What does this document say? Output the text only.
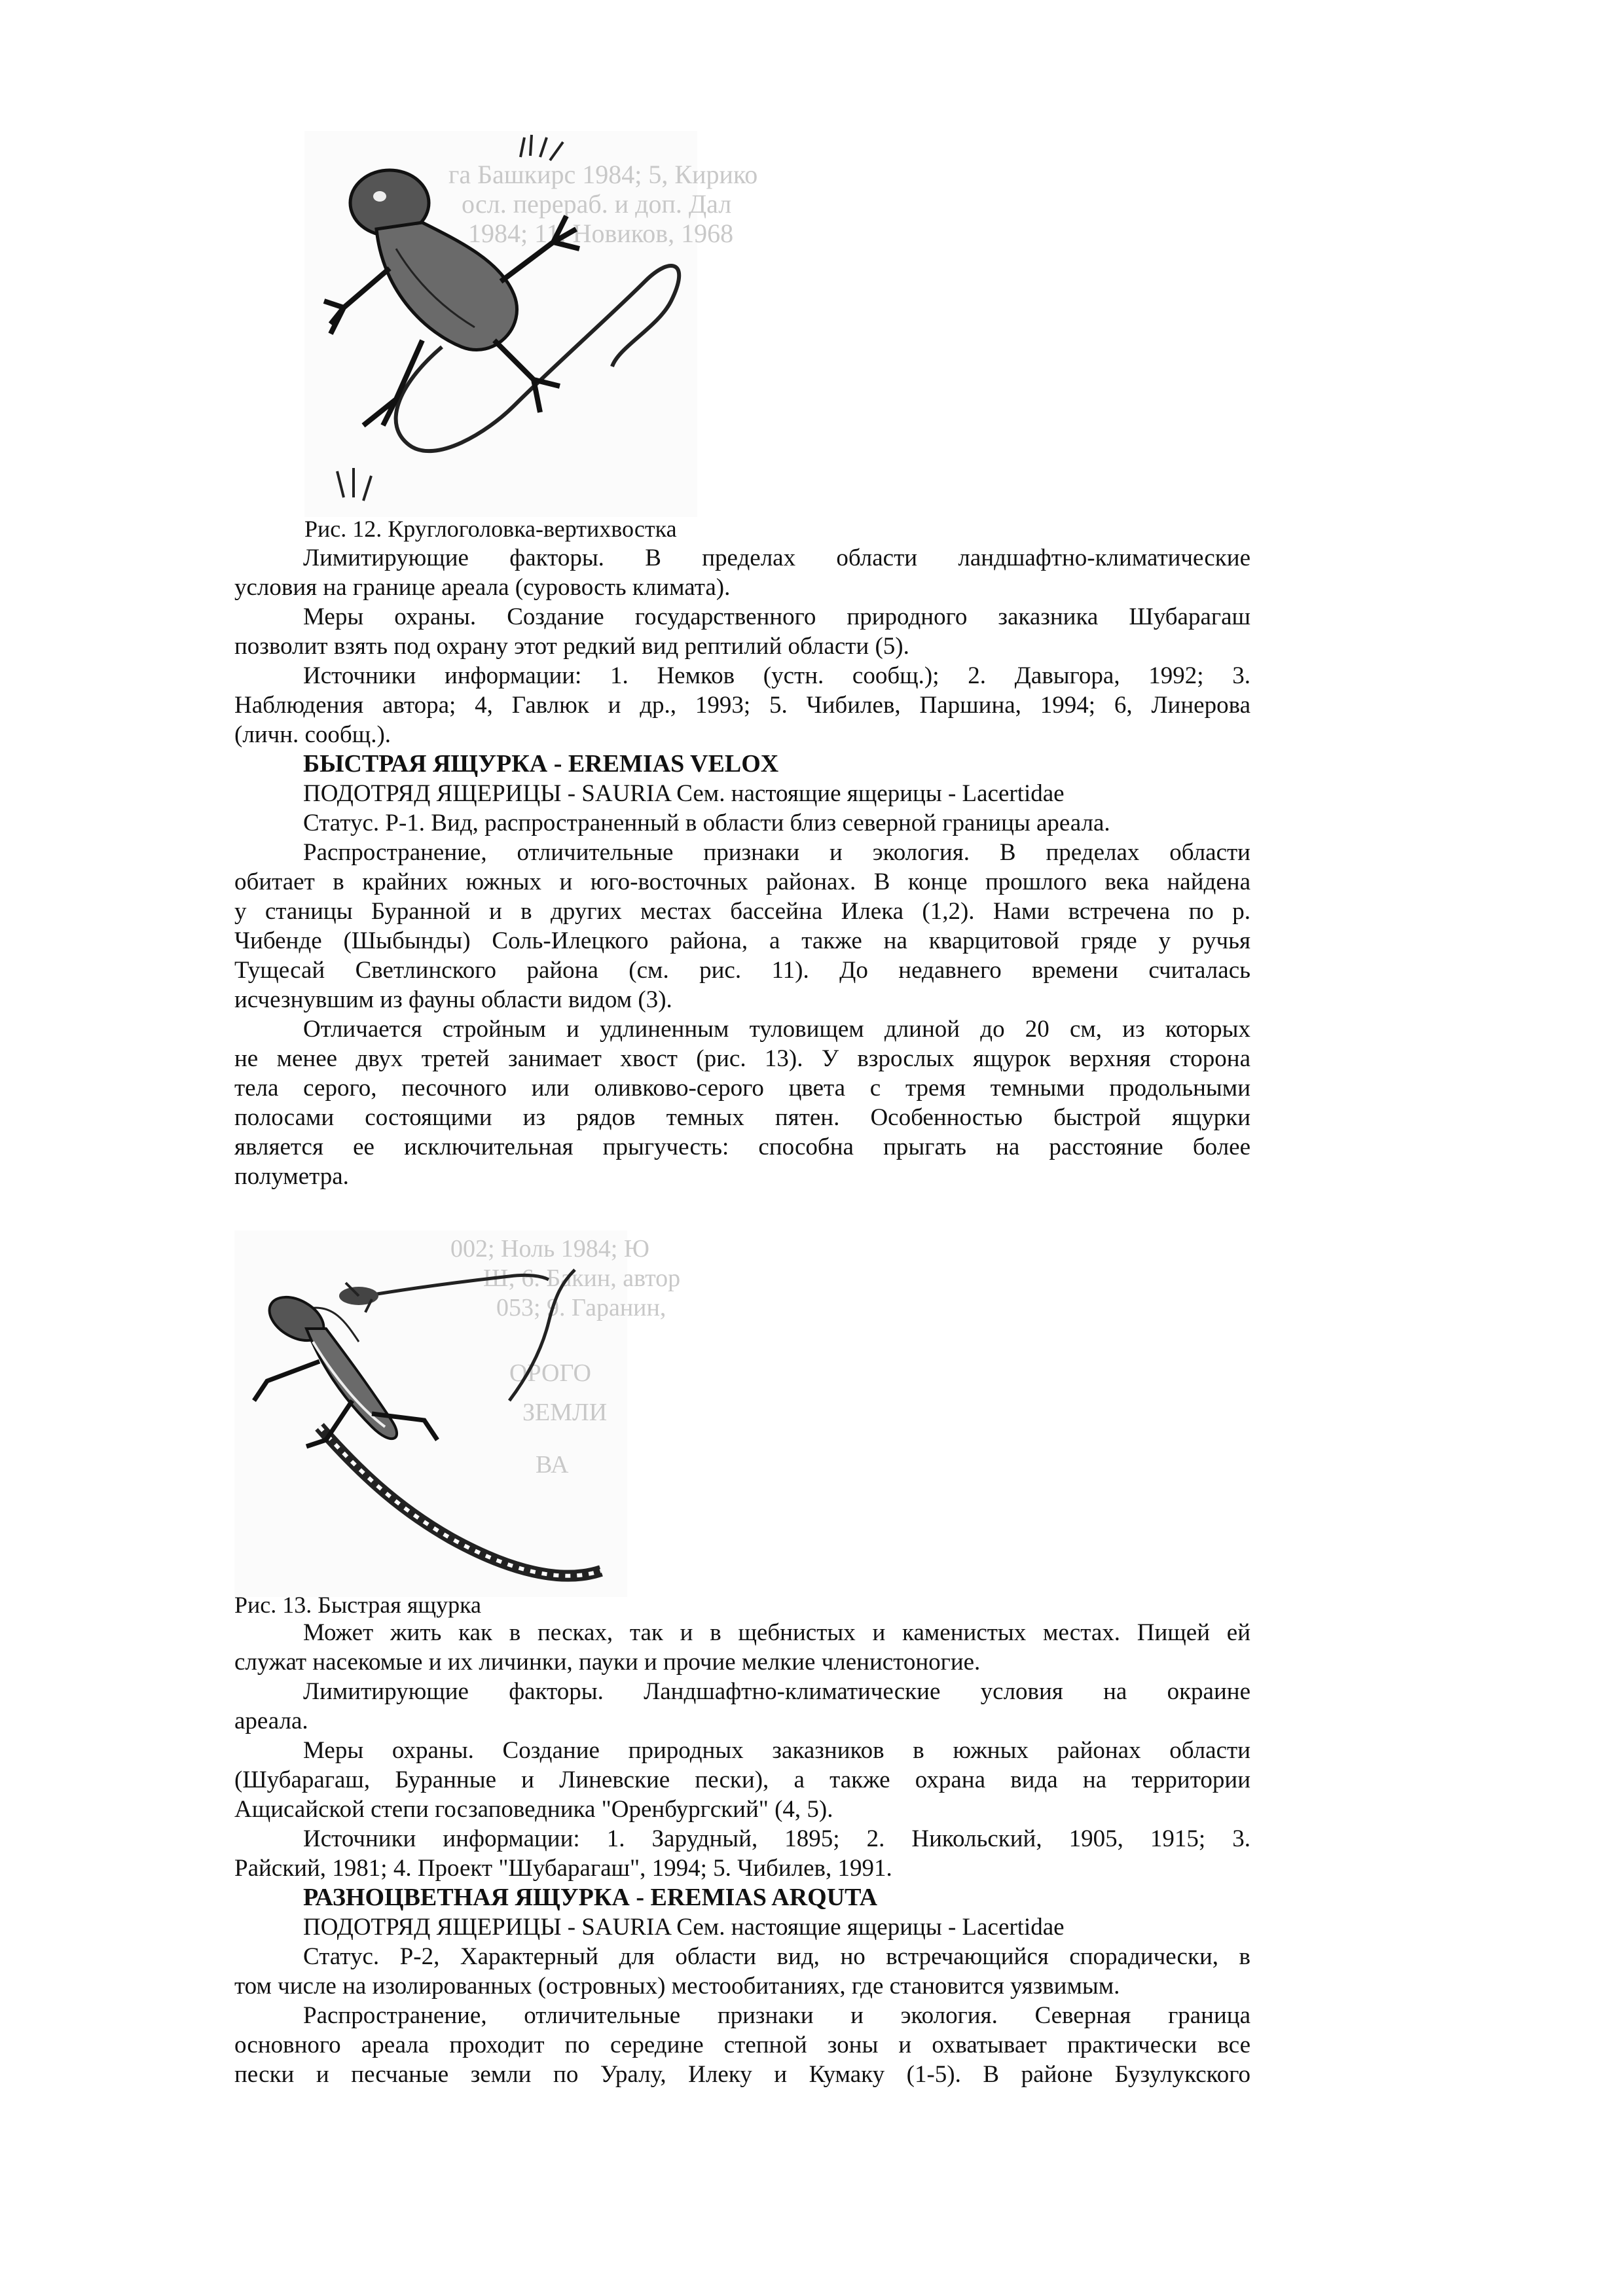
га Башкирс 1984; 5, Кирико
осл. перераб. и доп. Дал
1984; 11. Новиков, 1968
Рис. 12. Круглоголовка-вертихвостка

Лимитирующие факторы. В пределах области ландшафтно-климатические

условия на границе ареала (суровость климата).

Меры охраны. Создание государственного природного заказника Шубарагаш

позволит взять под охрану этот редкий вид рептилий области (5).

Источники информации: 1. Немков (устн. сообщ.); 2. Давыгора, 1992; 3.

Наблюдения автора; 4, Гавлюк и др., 1993; 5. Чибилев, Паршина, 1994; 6, Линерова

(личн. сообщ.).

БЫСТРАЯ ЯЩУРКА - EREMIAS VELOX

ПОДОТРЯД ЯЩЕРИЦЫ - SAURIA Сем. настоящие ящерицы - Lacertidae

Статус. Р-1. Вид, распространенный в области близ северной границы ареала.

Распространение, отличительные признаки и экология. В пределах области

обитает в крайних южных и юго-восточных районах. В конце прошлого века найдена

у станицы Буранной и в других местах бассейна Илека (1,2). Нами встречена по р.

Чибенде (Шыбынды) Соль-Илецкого района, а также на кварцитовой гряде у ручья

Тущесай Светлинского района (см. рис. 11). До недавнего времени считалась

исчезнувшим из фауны области видом (3).

Отличается стройным и удлиненным туловищем длиной до 20 см, из которых

не менее двух третей занимает хвост (рис. 13). У взрослых ящурок верхняя сторона

тела серого, песочного или оливково-серого цвета с тремя темными продольными

полосами состоящими из рядов темных пятен. Особенностью быстрой ящурки

является ее исключительная прыгучесть: способна прыгать на расстояние более

полуметра.

002; Ноль 1984; Ю
Ш; 6. Бакин, автор
053; 9. Гаранин,
ОРОГО
ЗЕМЛИ
ВА
Рис. 13. Быстрая ящурка

Может жить как в песках, так и в щебнистых и каменистых местах. Пищей ей

служат насекомые и их личинки, пауки и прочие мелкие членистоногие.

Лимитирующие факторы. Ландшафтно-климатические условия на окраине

ареала.

Меры охраны. Создание природных заказников в южных районах области

(Шубарагаш, Буранные и Линевские пески), а также охрана вида на территории

Ащисайской степи госзаповедника "Оренбургский" (4, 5).

Источники информации: 1. Зарудный, 1895; 2. Никольский, 1905, 1915; 3.

Райский, 1981; 4. Проект "Шубарагаш", 1994; 5. Чибилев, 1991.

РАЗНОЦВЕТНАЯ ЯЩУРКА - EREMIAS ARQUTA

ПОДОТРЯД ЯЩЕРИЦЫ - SAURIA Сем. настоящие ящерицы - Lacertidae

Статус. Р-2, Характерный для области вид, но встречающийся спорадически, в

том числе на изолированных (островных) местообитаниях, где становится уязвимым.

Распространение, отличительные признаки и экология. Северная граница

основного ареала проходит по середине степной зоны и охватывает практически все

пески и песчаные земли по Уралу, Илеку и Кумаку (1-5). В районе Бузулукского
